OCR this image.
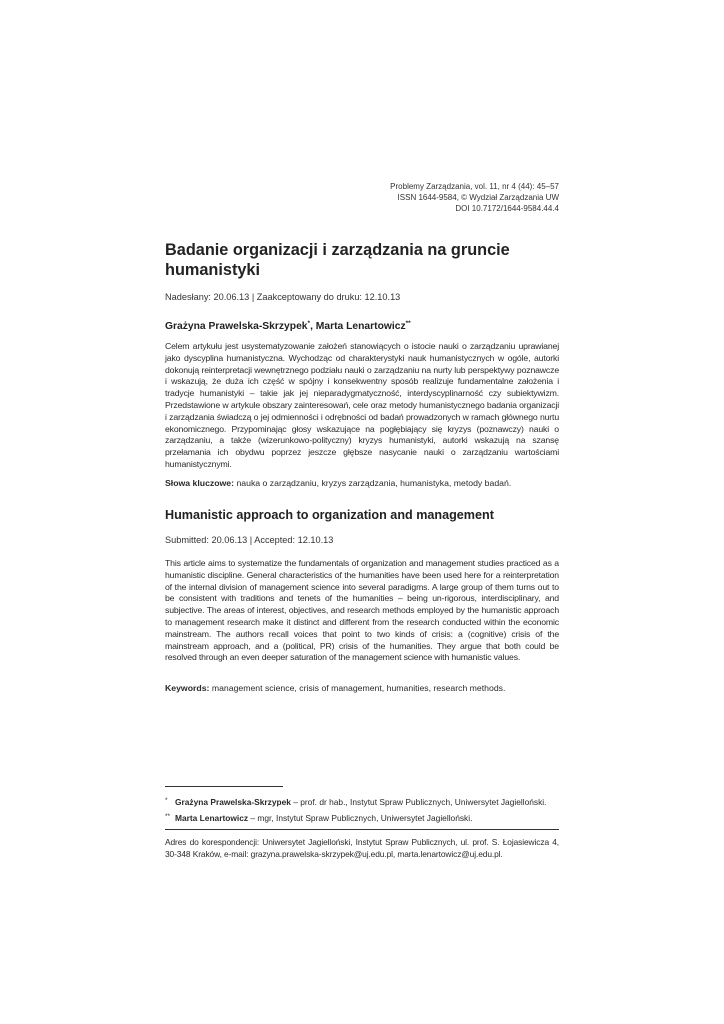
Problemy Zarządzania, vol. 11, nr 4 (44): 45–57
ISSN 1644-9584, © Wydział Zarządzania UW
DOI 10.7172/1644-9584.44.4
Badanie organizacji i zarządzania na gruncie humanistyki
Nadesłany: 20.06.13 | Zaakceptowany do druku: 12.10.13
Grażyna Prawelska-Skrzypek*, Marta Lenartowicz**
Celem artykułu jest usystematyzowanie założeń stanowiących o istocie nauki o zarządzaniu uprawianej jako dyscyplina humanistyczna. Wychodząc od charakterystyki nauk humanistycznych w ogóle, autorki dokonują reinterpretacji wewnętrznego podziału nauki o zarządzaniu na nurty lub perspektywy poznawcze i wskazują, że duża ich część w spójny i konsekwentny sposób realizuje fundamentalne założenia i tradycje humanistyki – takie jak jej nieparadygmatyczność, interdyscyplinarność czy subiektywizm. Przedstawione w artykule obszary zainteresowań, cele oraz metody humanistycznego badania organizacji i zarządzania świadczą o jej odmienności i odrębności od badań prowadzonych w ramach głównego nurtu ekonomicznego. Przypominając głosy wskazujące na pogłębiający się kryzys (poznawczy) nauki o zarządzaniu, a także (wizerunkowo-polityczny) kryzys humanistyki, autorki wskazują na szansę przełamania ich obydwu poprzez jeszcze głębsze nasycanie nauki o zarządzaniu wartościami humanistycznymi.
Słowa kluczowe: nauka o zarządzaniu, kryzys zarządzania, humanistyka, metody badań.
Humanistic approach to organization and management
Submitted: 20.06.13 | Accepted: 12.10.13
This article aims to systematize the fundamentals of organization and management studies practiced as a humanistic discipline. General characteristics of the humanities have been used here for a reinterpretation of the internal division of management science into several paradigms. A large group of them turns out to be consistent with traditions and tenets of the humanities – being un-rigorous, interdisciplinary, and subjective. The areas of interest, objectives, and research methods employed by the humanistic approach to management research make it distinct and different from the research conducted within the economic mainstream. The authors recall voices that point to two kinds of crisis: a (cognitive) crisis of the mainstream approach, and a (political, PR) crisis of the humanities. They argue that both could be resolved through an even deeper saturation of the management science with humanistic values.
Keywords: management science, crisis of management, humanities, research methods.
* Grażyna Prawelska-Skrzypek – prof. dr hab., Instytut Spraw Publicznych, Uniwersytet Jagielloński.
** Marta Lenartowicz – mgr, Instytut Spraw Publicznych, Uniwersytet Jagielloński.
Adres do korespondencji: Uniwersytet Jagielloński, Instytut Spraw Publicznych, ul. prof. S. Łojasiewicza 4, 30-348 Kraków, e-mail: grazyna.prawelska-skrzypek@uj.edu.pl, marta.lenartowicz@uj.edu.pl.
